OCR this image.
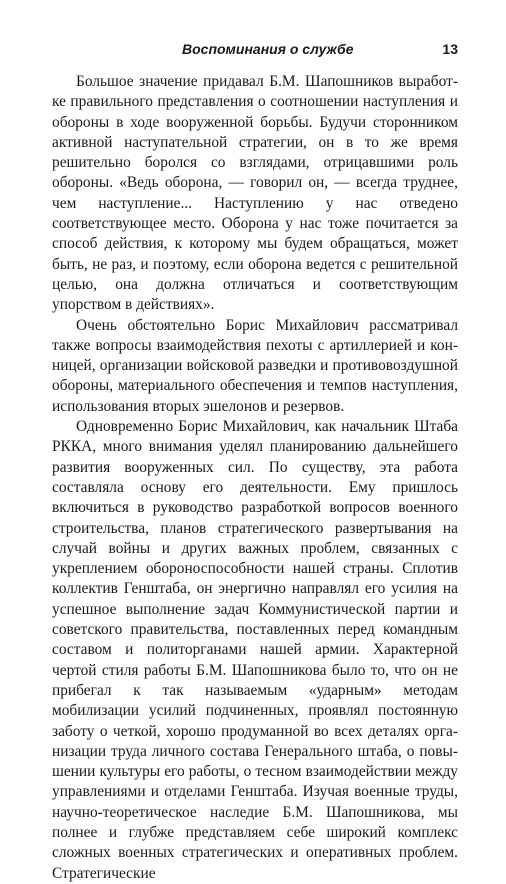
Воспоминания о службе	13

Большое значение придавал Б.М. Шапошников выработке правильного представления о соотношении наступления и обороны в ходе вооруженной борьбы. Будучи сторонником активной наступательной стратегии, он в то же время решительно боролся со взглядами, отрицавшими роль обороны. «Ведь оборона, — говорил он, — всегда труднее, чем наступление... Наступлению у нас отведено соответствующее место. Оборона у нас тоже почитается за способ действия, к которому мы будем обращаться, может быть, не раз, и поэтому, если оборона ведется с решительной целью, она должна отличаться и соответствующим упорством в действиях».

Очень обстоятельно Борис Михайлович рассматривал также вопросы взаимодействия пехоты с артиллерией и конницей, организации войсковой разведки и противовоздушной обороны, материального обеспечения и темпов наступления, использования вторых эшелонов и резервов.

Одновременно Борис Михайлович, как начальник Штаба РККА, много внимания уделял планированию дальнейшего развития вооруженных сил. По существу, эта работа составляла основу его деятельности. Ему пришлось включиться в руководство разработкой вопросов военного строительства, планов стратегического развертывания на случай войны и других важных проблем, связанных с укреплением обороноспособности нашей страны. Сплотив коллектив Генштаба, он энергично направлял его усилия на успешное выполнение задач Коммунистической партии и советского правительства, поставленных перед командным составом и политорганами нашей армии. Характерной чертой стиля работы Б.М. Шапошникова было то, что он не прибегал к так называемым «ударным» методам мобилизации усилий подчиненных, проявлял постоянную заботу о четкой, хорошо продуманной во всех деталях организации труда личного состава Генерального штаба, о повышении культуры его работы, о тесном взаимодействии между управлениями и отделами Генштаба. Изучая военные труды, научно-теоретическое наследие Б.М. Шапошникова, мы полнее и глубже представляем себе широкий комплекс сложных военных стратегических и оперативных проблем. Стратегические
